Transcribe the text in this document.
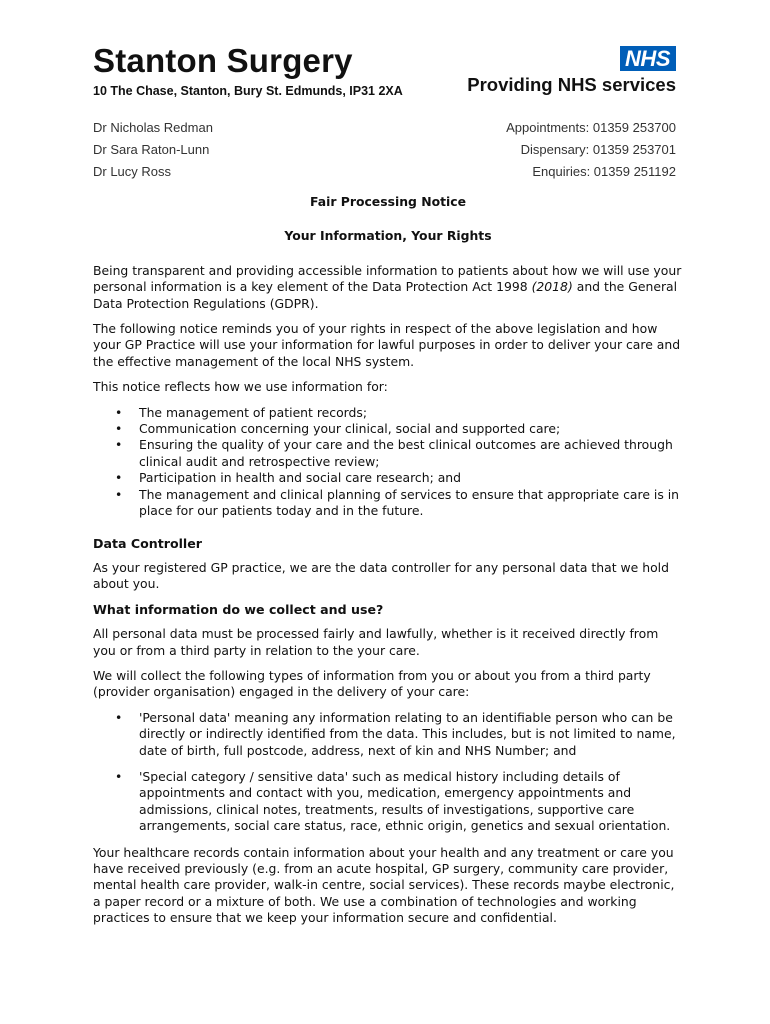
Stanton Surgery
10 The Chase, Stanton, Bury St. Edmunds, IP31 2XA
NHS
Providing NHS services
Dr Nicholas Redman
Dr Sara Raton-Lunn
Dr Lucy Ross
Appointments: 01359 253700
Dispensary: 01359 253701
Enquiries: 01359 251192
Fair Processing Notice
Your Information, Your Rights

Being transparent and providing accessible information to patients about how we will use your personal information is a key element of the Data Protection Act 1998 (2018) and the General Data Protection Regulations (GDPR).

The following notice reminds you of your rights in respect of the above legislation and how your GP Practice will use your information for lawful purposes in order to deliver your care and the effective management of the local NHS system.

This notice reflects how we use information for:

• The management of patient records;
• Communication concerning your clinical, social and supported care;
• Ensuring the quality of your care and the best clinical outcomes are achieved through clinical audit and retrospective review;
• Participation in health and social care research; and
• The management and clinical planning of services to ensure that appropriate care is in place for our patients today and in the future.
Data Controller

As your registered GP practice, we are the data controller for any personal data that we hold about you.

What information do we collect and use?

All personal data must be processed fairly and lawfully, whether is it received directly from you or from a third party in relation to the your care.

We will collect the following types of information from you or about you from a third party (provider organisation) engaged in the delivery of your care:

• 'Personal data' meaning any information relating to an identifiable person who can be directly or indirectly identified from the data. This includes, but is not limited to name, date of birth, full postcode, address, next of kin and NHS Number; and
• 'Special category / sensitive data' such as medical history including details of appointments and contact with you, medication, emergency appointments and admissions, clinical notes, treatments, results of investigations, supportive care arrangements, social care status, race, ethnic origin, genetics and sexual orientation.

Your healthcare records contain information about your health and any treatment or care you have received previously (e.g. from an acute hospital, GP surgery, community care provider, mental health care provider, walk-in centre, social services). These records maybe electronic, a paper record or a mixture of both. We use a combination of technologies and working practices to ensure that we keep your information secure and confidential.
